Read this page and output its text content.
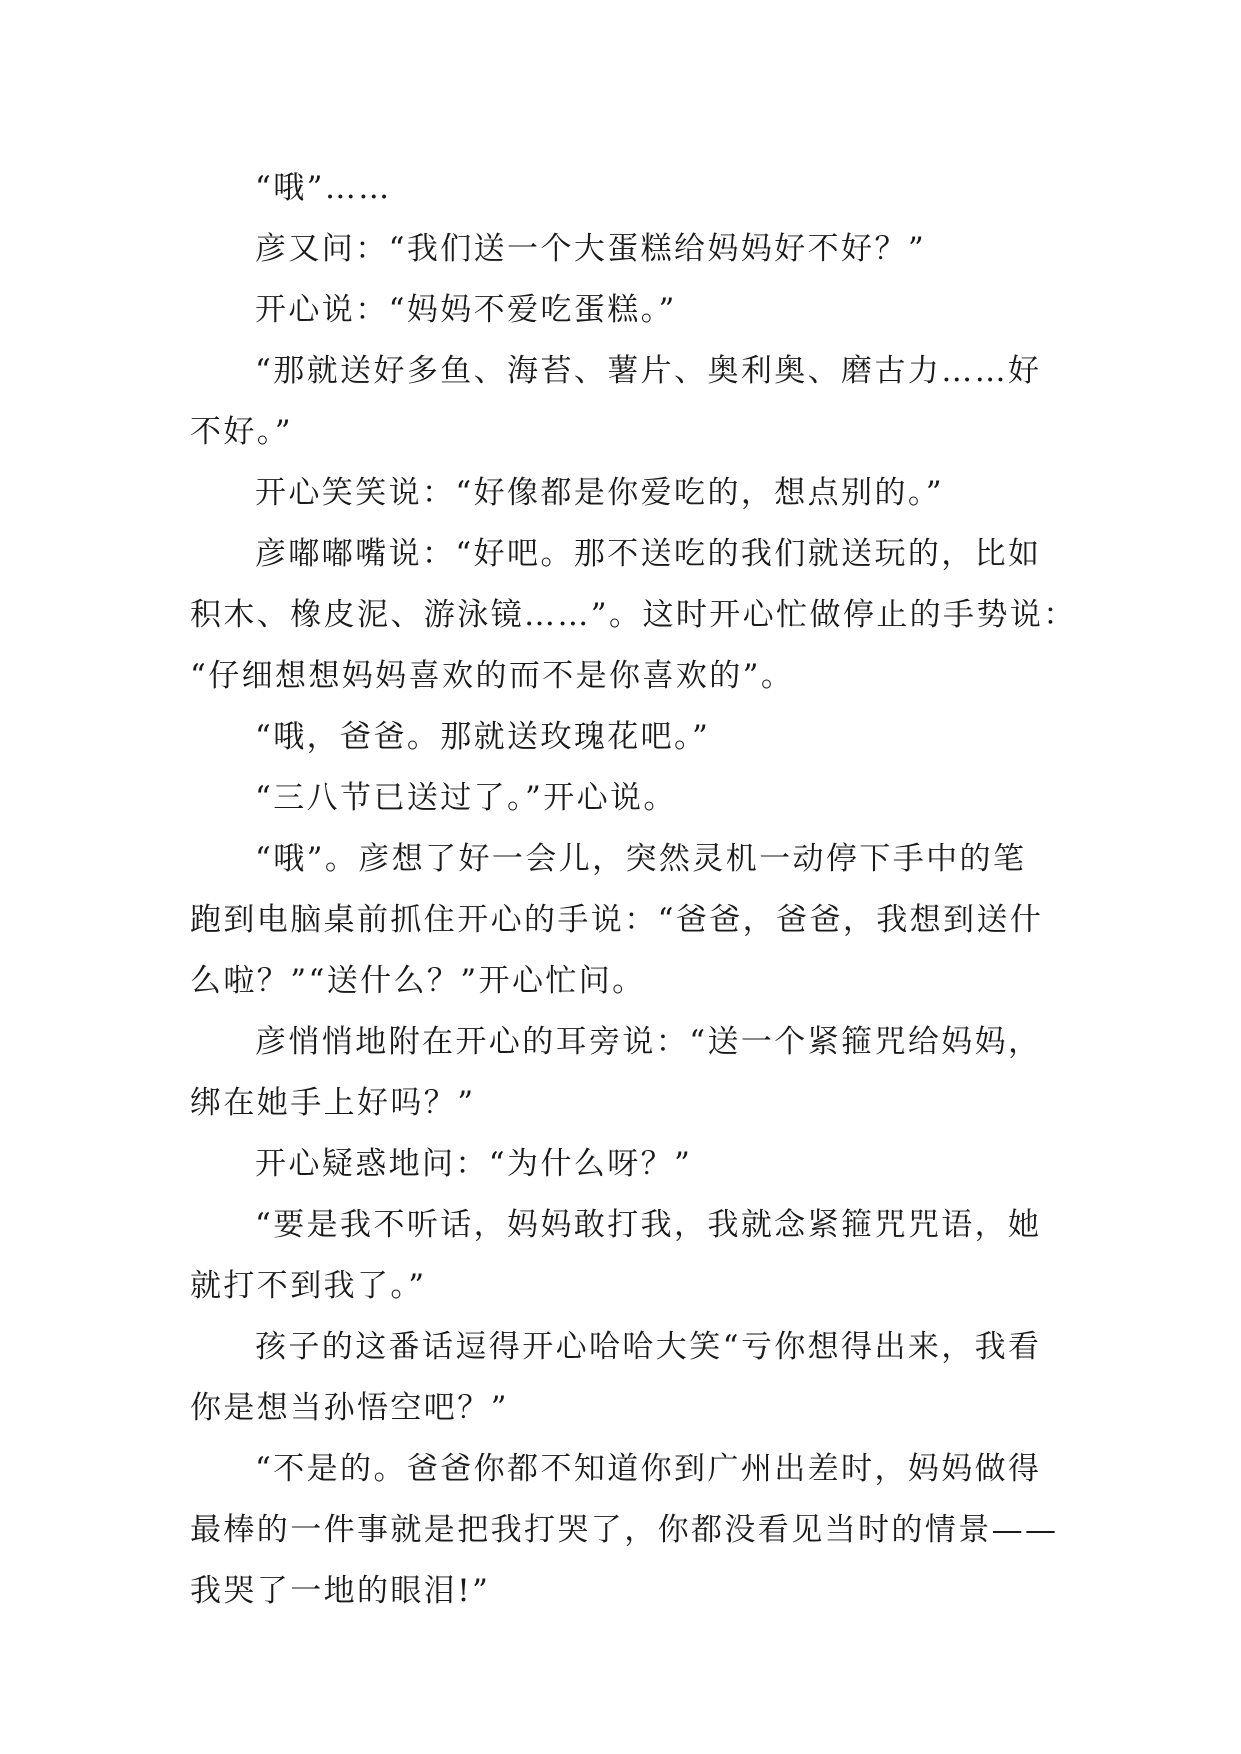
“哦”……
彦又问：“我们送一个大蛋糕给妈妈好不好？”
开心说：“妈妈不爱吃蛋糕。”
“那就送好多鱼、海苔、薯片、奥利奥、磨古力……好
不好。”
开心笑笑说：“好像都是你爱吃的，想点别的。”
彦嘟嘟嘴说：“好吧。那不送吃的我们就送玩的，比如
积木、橡皮泥、游泳镜……”。这时开心忙做停止的手势说：
“仔细想想妈妈喜欢的而不是你喜欢的”。
“哦，爸爸。那就送玫瑰花吧。”
“三八节已送过了。”开心说。
“哦”。彦想了好一会儿，突然灵机一动停下手中的笔
跑到电脑桌前抓住开心的手说：“爸爸，爸爸，我想到送什
么啦？”“送什么？”开心忙问。
彦悄悄地附在开心的耳旁说：“送一个紧箍咒给妈妈，
绑在她手上好吗？”
开心疑惑地问：“为什么呀？”
“要是我不听话，妈妈敢打我，我就念紧箍咒咒语，她
就打不到我了。”
孩子的这番话逗得开心哈哈大笑“亏你想得出来，我看
你是想当孙悟空吧？”
“不是的。爸爸你都不知道你到广州出差时，妈妈做得
最棒的一件事就是把我打哭了，你都没看见当时的情景——
我哭了一地的眼泪!”
